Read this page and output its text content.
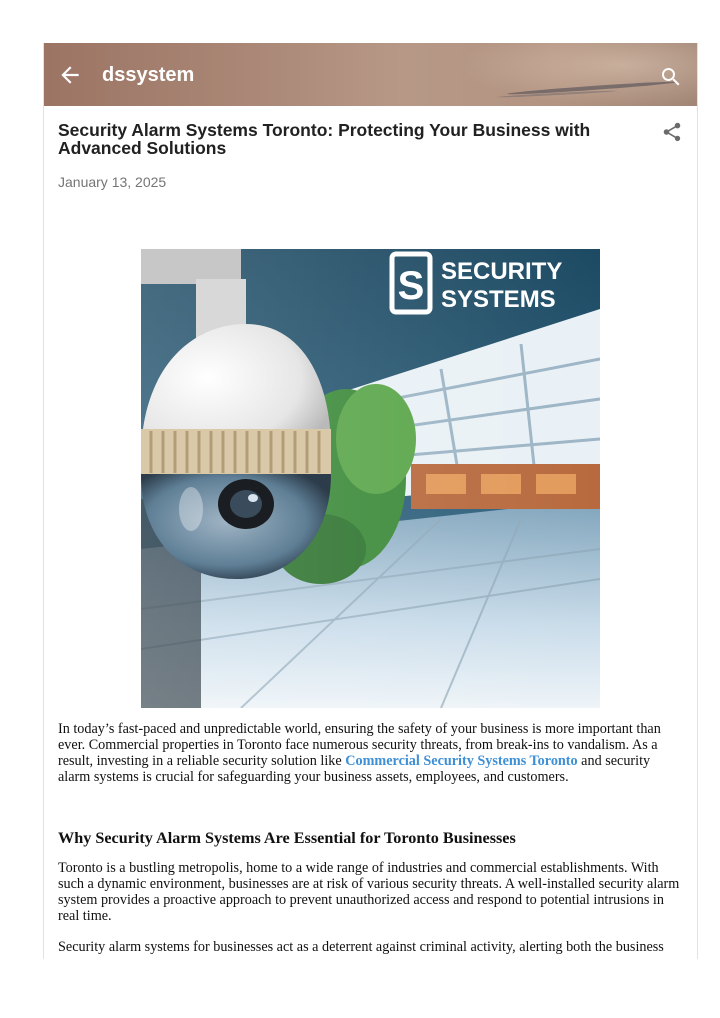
dssystem
Security Alarm Systems Toronto: Protecting Your Business with Advanced Solutions
January 13, 2025
S SECURITY
SYSTEMS

In today’s fast-paced and unpredictable world, ensuring the safety of your business is more important than ever. Commercial properties in Toronto face numerous security threats, from break-ins to vandalism. As a result, investing in a reliable security solution like Commercial Security Systems Toronto and security alarm systems is crucial for safeguarding your business assets, employees, and customers.

Why Security Alarm Systems Are Essential for Toronto Businesses

Toronto is a bustling metropolis, home to a wide range of industries and commercial establishments. With such a dynamic environment, businesses are at risk of various security threats. A well-installed security alarm system provides a proactive approach to prevent unauthorized access and respond to potential intrusions in real time.

Security alarm systems for businesses act as a deterrent against criminal activity, alerting both the business
